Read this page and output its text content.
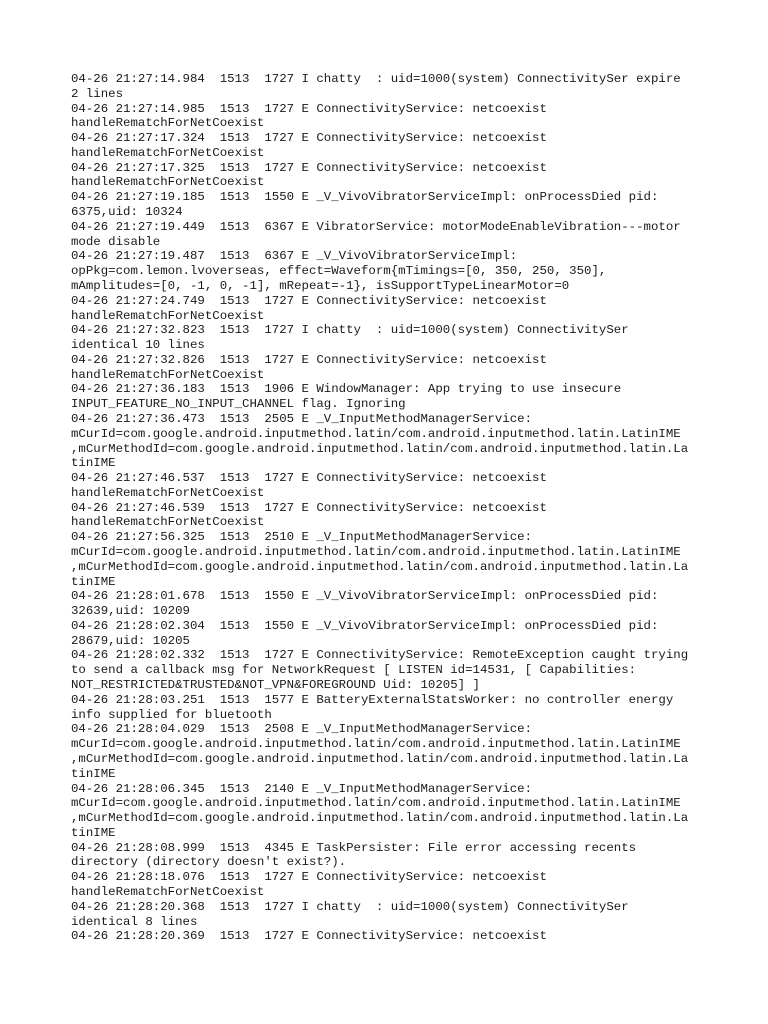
04-26 21:27:14.984  1513  1727 I chatty  : uid=1000(system) ConnectivitySer expire
2 lines
04-26 21:27:14.985  1513  1727 E ConnectivityService: netcoexist
handleRematchForNetCoexist
04-26 21:27:17.324  1513  1727 E ConnectivityService: netcoexist
handleRematchForNetCoexist
04-26 21:27:17.325  1513  1727 E ConnectivityService: netcoexist
handleRematchForNetCoexist
04-26 21:27:19.185  1513  1550 E _V_VivoVibratorServiceImpl: onProcessDied pid:
6375,uid: 10324
04-26 21:27:19.449  1513  6367 E VibratorService: motorModeEnableVibration---motor
mode disable
04-26 21:27:19.487  1513  6367 E _V_VivoVibratorServiceImpl:
opPkg=com.lemon.lvoverseas, effect=Waveform{mTimings=[0, 350, 250, 350],
mAmplitudes=[0, -1, 0, -1], mRepeat=-1}, isSupportTypeLinearMotor=0
04-26 21:27:24.749  1513  1727 E ConnectivityService: netcoexist
handleRematchForNetCoexist
04-26 21:27:32.823  1513  1727 I chatty  : uid=1000(system) ConnectivitySer
identical 10 lines
04-26 21:27:32.826  1513  1727 E ConnectivityService: netcoexist
handleRematchForNetCoexist
04-26 21:27:36.183  1513  1906 E WindowManager: App trying to use insecure
INPUT_FEATURE_NO_INPUT_CHANNEL flag. Ignoring
04-26 21:27:36.473  1513  2505 E _V_InputMethodManagerService:
mCurId=com.google.android.inputmethod.latin/com.android.inputmethod.latin.LatinIME
,mCurMethodId=com.google.android.inputmethod.latin/com.android.inputmethod.latin.La
tinIME
04-26 21:27:46.537  1513  1727 E ConnectivityService: netcoexist
handleRematchForNetCoexist
04-26 21:27:46.539  1513  1727 E ConnectivityService: netcoexist
handleRematchForNetCoexist
04-26 21:27:56.325  1513  2510 E _V_InputMethodManagerService:
mCurId=com.google.android.inputmethod.latin/com.android.inputmethod.latin.LatinIME
,mCurMethodId=com.google.android.inputmethod.latin/com.android.inputmethod.latin.La
tinIME
04-26 21:28:01.678  1513  1550 E _V_VivoVibratorServiceImpl: onProcessDied pid:
32639,uid: 10209
04-26 21:28:02.304  1513  1550 E _V_VivoVibratorServiceImpl: onProcessDied pid:
28679,uid: 10205
04-26 21:28:02.332  1513  1727 E ConnectivityService: RemoteException caught trying
to send a callback msg for NetworkRequest [ LISTEN id=14531, [ Capabilities:
NOT_RESTRICTED&TRUSTED&NOT_VPN&FOREGROUND Uid: 10205] ]
04-26 21:28:03.251  1513  1577 E BatteryExternalStatsWorker: no controller energy
info supplied for bluetooth
04-26 21:28:04.029  1513  2508 E _V_InputMethodManagerService:
mCurId=com.google.android.inputmethod.latin/com.android.inputmethod.latin.LatinIME
,mCurMethodId=com.google.android.inputmethod.latin/com.android.inputmethod.latin.La
tinIME
04-26 21:28:06.345  1513  2140 E _V_InputMethodManagerService:
mCurId=com.google.android.inputmethod.latin/com.android.inputmethod.latin.LatinIME
,mCurMethodId=com.google.android.inputmethod.latin/com.android.inputmethod.latin.La
tinIME
04-26 21:28:08.999  1513  4345 E TaskPersister: File error accessing recents
directory (directory doesn't exist?).
04-26 21:28:18.076  1513  1727 E ConnectivityService: netcoexist
handleRematchForNetCoexist
04-26 21:28:20.368  1513  1727 I chatty  : uid=1000(system) ConnectivitySer
identical 8 lines
04-26 21:28:20.369  1513  1727 E ConnectivityService: netcoexist
